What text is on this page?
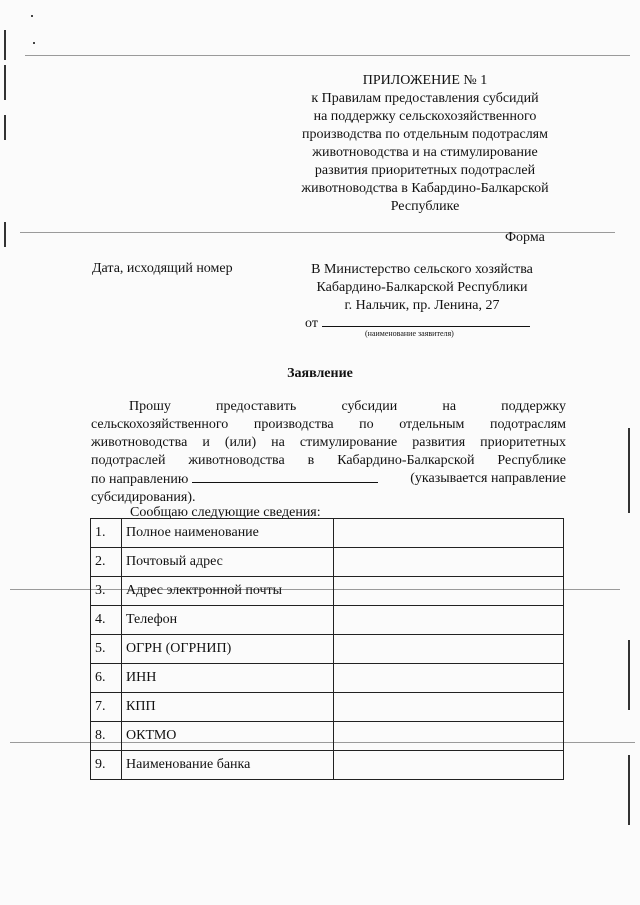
ПРИЛОЖЕНИЕ № 1
к Правилам предоставления субсидий
на поддержку сельскохозяйственного
производства по отдельным подотраслям
животноводства и на стимулирование
развития приоритетных подотраслей
животноводства в Кабардино-Балкарской
Республике
Форма
Дата, исходящий номер	В Министерство сельского хозяйства
Кабардино-Балкарской Республики
г. Нальчик, пр. Ленина, 27
от
(наименование заявителя)
Заявление
Прошу	предоставить	субсидии	на	поддержку
сельскохозяйственного производства по отдельным подотраслям
животноводства и (или) на стимулирование развития приоритетных
подотраслей животноводства в Кабардино-Балкарской Республике
по направлению	(указывается направление
субсидирования).
Сообщаю следующие сведения:
1.	Полное наименование	
2.	Почтовый адрес	
3.	Адрес электронной почты	
4.	Телефон	
5.	ОГРН (ОГРНИП)	
6.	ИНН	
7.	КПП	
8.	ОКТМО	
9.	Наименование банка	
